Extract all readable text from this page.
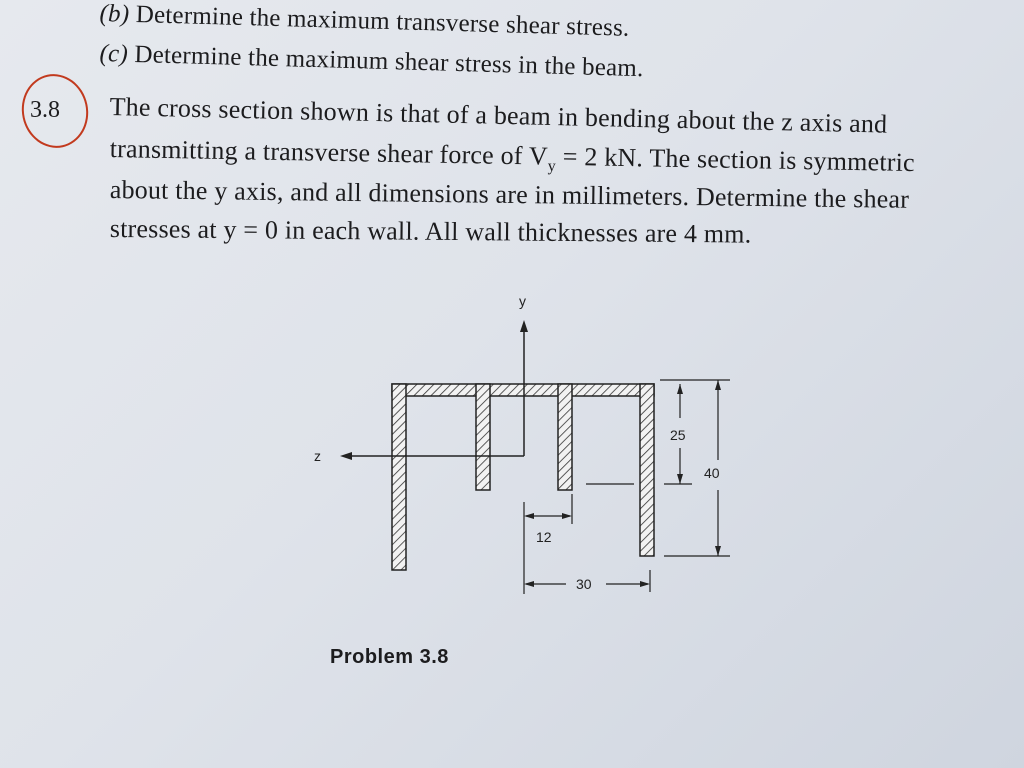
(b) Determine the maximum transverse shear stress.
(c) Determine the maximum shear stress in the beam.
3.8 The cross section shown is that of a beam in bending about the z axis and
transmitting a transverse shear force of $V_y = 2$ kN. The section is symmetric
about the y axis, and all dimensions are in millimeters. Determine the shear
stresses at y = 0 in each wall. All wall thicknesses are 4 mm.
y
z
25
40
12
30
Problem 3.8
